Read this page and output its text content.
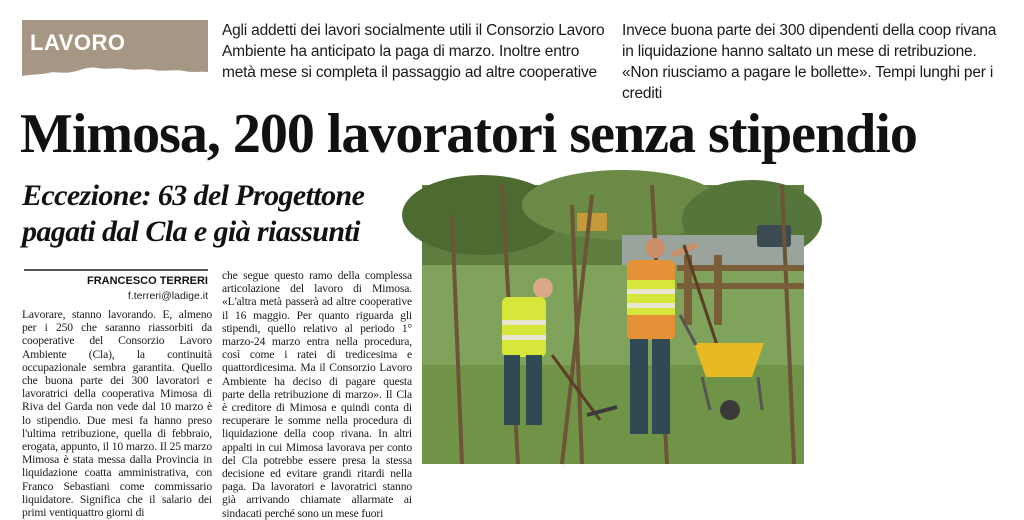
LAVORO	Agli addetti dei lavori socialmente utili il Consorzio Lavoro Ambiente ha anticipato la paga di marzo. Inoltre entro metà mese si completa il passaggio ad altre cooperative
Invece buona parte dei 300 dipendenti della coop rivana in liquidazione hanno saltato un mese di retribuzione. «Non riusciamo a pagare le bollette». Tempi lunghi per i crediti
Mimosa, 200 lavoratori senza stipendio
Eccezione: 63 del Progettone pagati dal Cla e già riassunti
FRANCESCO TERRERI
f.terreri@ladige.it

Lavorare, stanno lavorando. E, almeno per i 250 che saranno riassorbiti da cooperative del Consorzio Lavoro Ambiente (Cla), la continuità occupazionale sembra garantita. Quello che buona parte dei 300 lavoratori e lavoratrici della cooperativa Mimosa di Riva del Garda non vede dal 10 marzo è lo stipendio. Due mesi fa hanno preso l'ultima retribuzione, quella di febbraio, erogata, appunto, il 10 marzo. Il 25 marzo Mimosa è stata messa dalla Provincia in liquidazione coatta amministrativa, con Franco Sebastiani come commissario liquidatore. Significa che il salario dei primi ventiquattro giorni di

che segue questo ramo della complessa articolazione del lavoro di Mimosa. «L'altra metà passerà ad altre cooperative il 16 maggio. Per quanto riguarda gli stipendi, quello relativo al periodo 1° marzo-24 marzo entra nella procedura, così come i ratei di tredicesima e quattordicesima. Ma il Consorzio Lavoro Ambiente ha deciso di pagare questa parte della retribuzione di marzo». Il Cla è creditore di Mimosa e quindi conta di recuperare le somme nella procedura di liquidazione della coop rivana. In altri appalti in cui Mimosa lavorava per conto del Cla potrebbe essere presa la stessa decisione ed evitare grandi ritardi nella paga. Da lavoratori e lavoratrici stanno già arrivando chiamate allarmate ai sindacati perché sono un mese fuori
